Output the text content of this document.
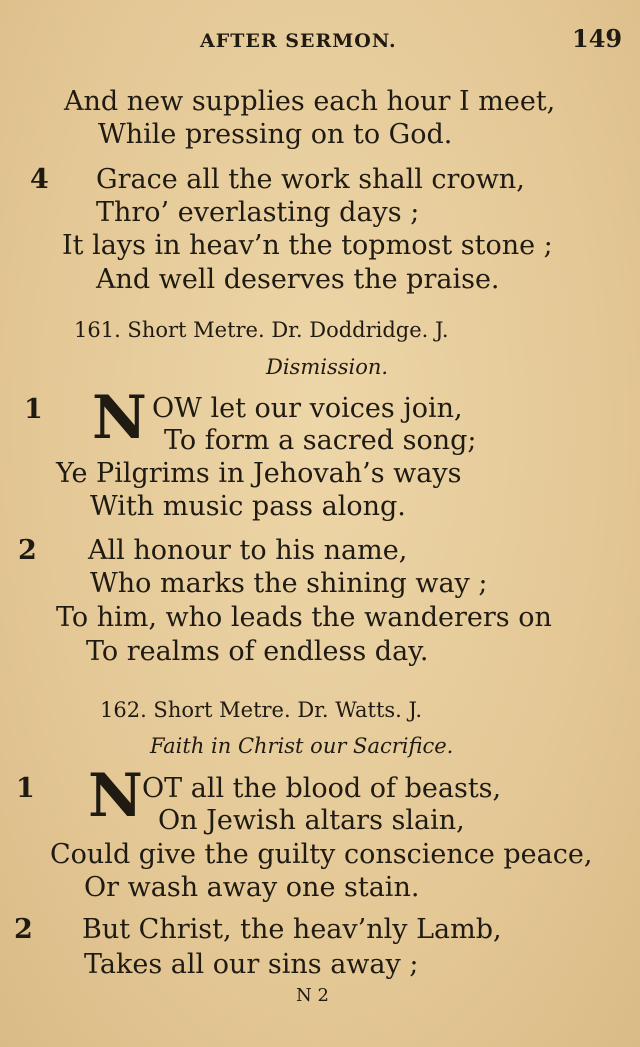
AFTER SERMON.	149
And new supplies each hour I meet,
While pressing on to God.
4 Grace all the work shall crown,
Thro’ everlasting days ;
It lays in heav’n the topmost stone ;
And well deserves the praise.
161. Short Metre. Dr. Doddridge. J.
Dismission.
1 N OW let our voices join,
To form a sacred song;
Ye Pilgrims in Jehovah’s ways
With music pass along.
2 All honour to his name,
Who marks the shining way ;
To him, who leads the wanderers on
To realms of endless day.
162. Short Metre. Dr. Watts. J.
Faith in Christ our Sacrifice.
1 N OT all the blood of beasts,
On Jewish altars slain,
Could give the guilty conscience peace,
Or wash away one stain.
2 But Christ, the heav’nly Lamb,
Takes all our sins away ;
N 2
